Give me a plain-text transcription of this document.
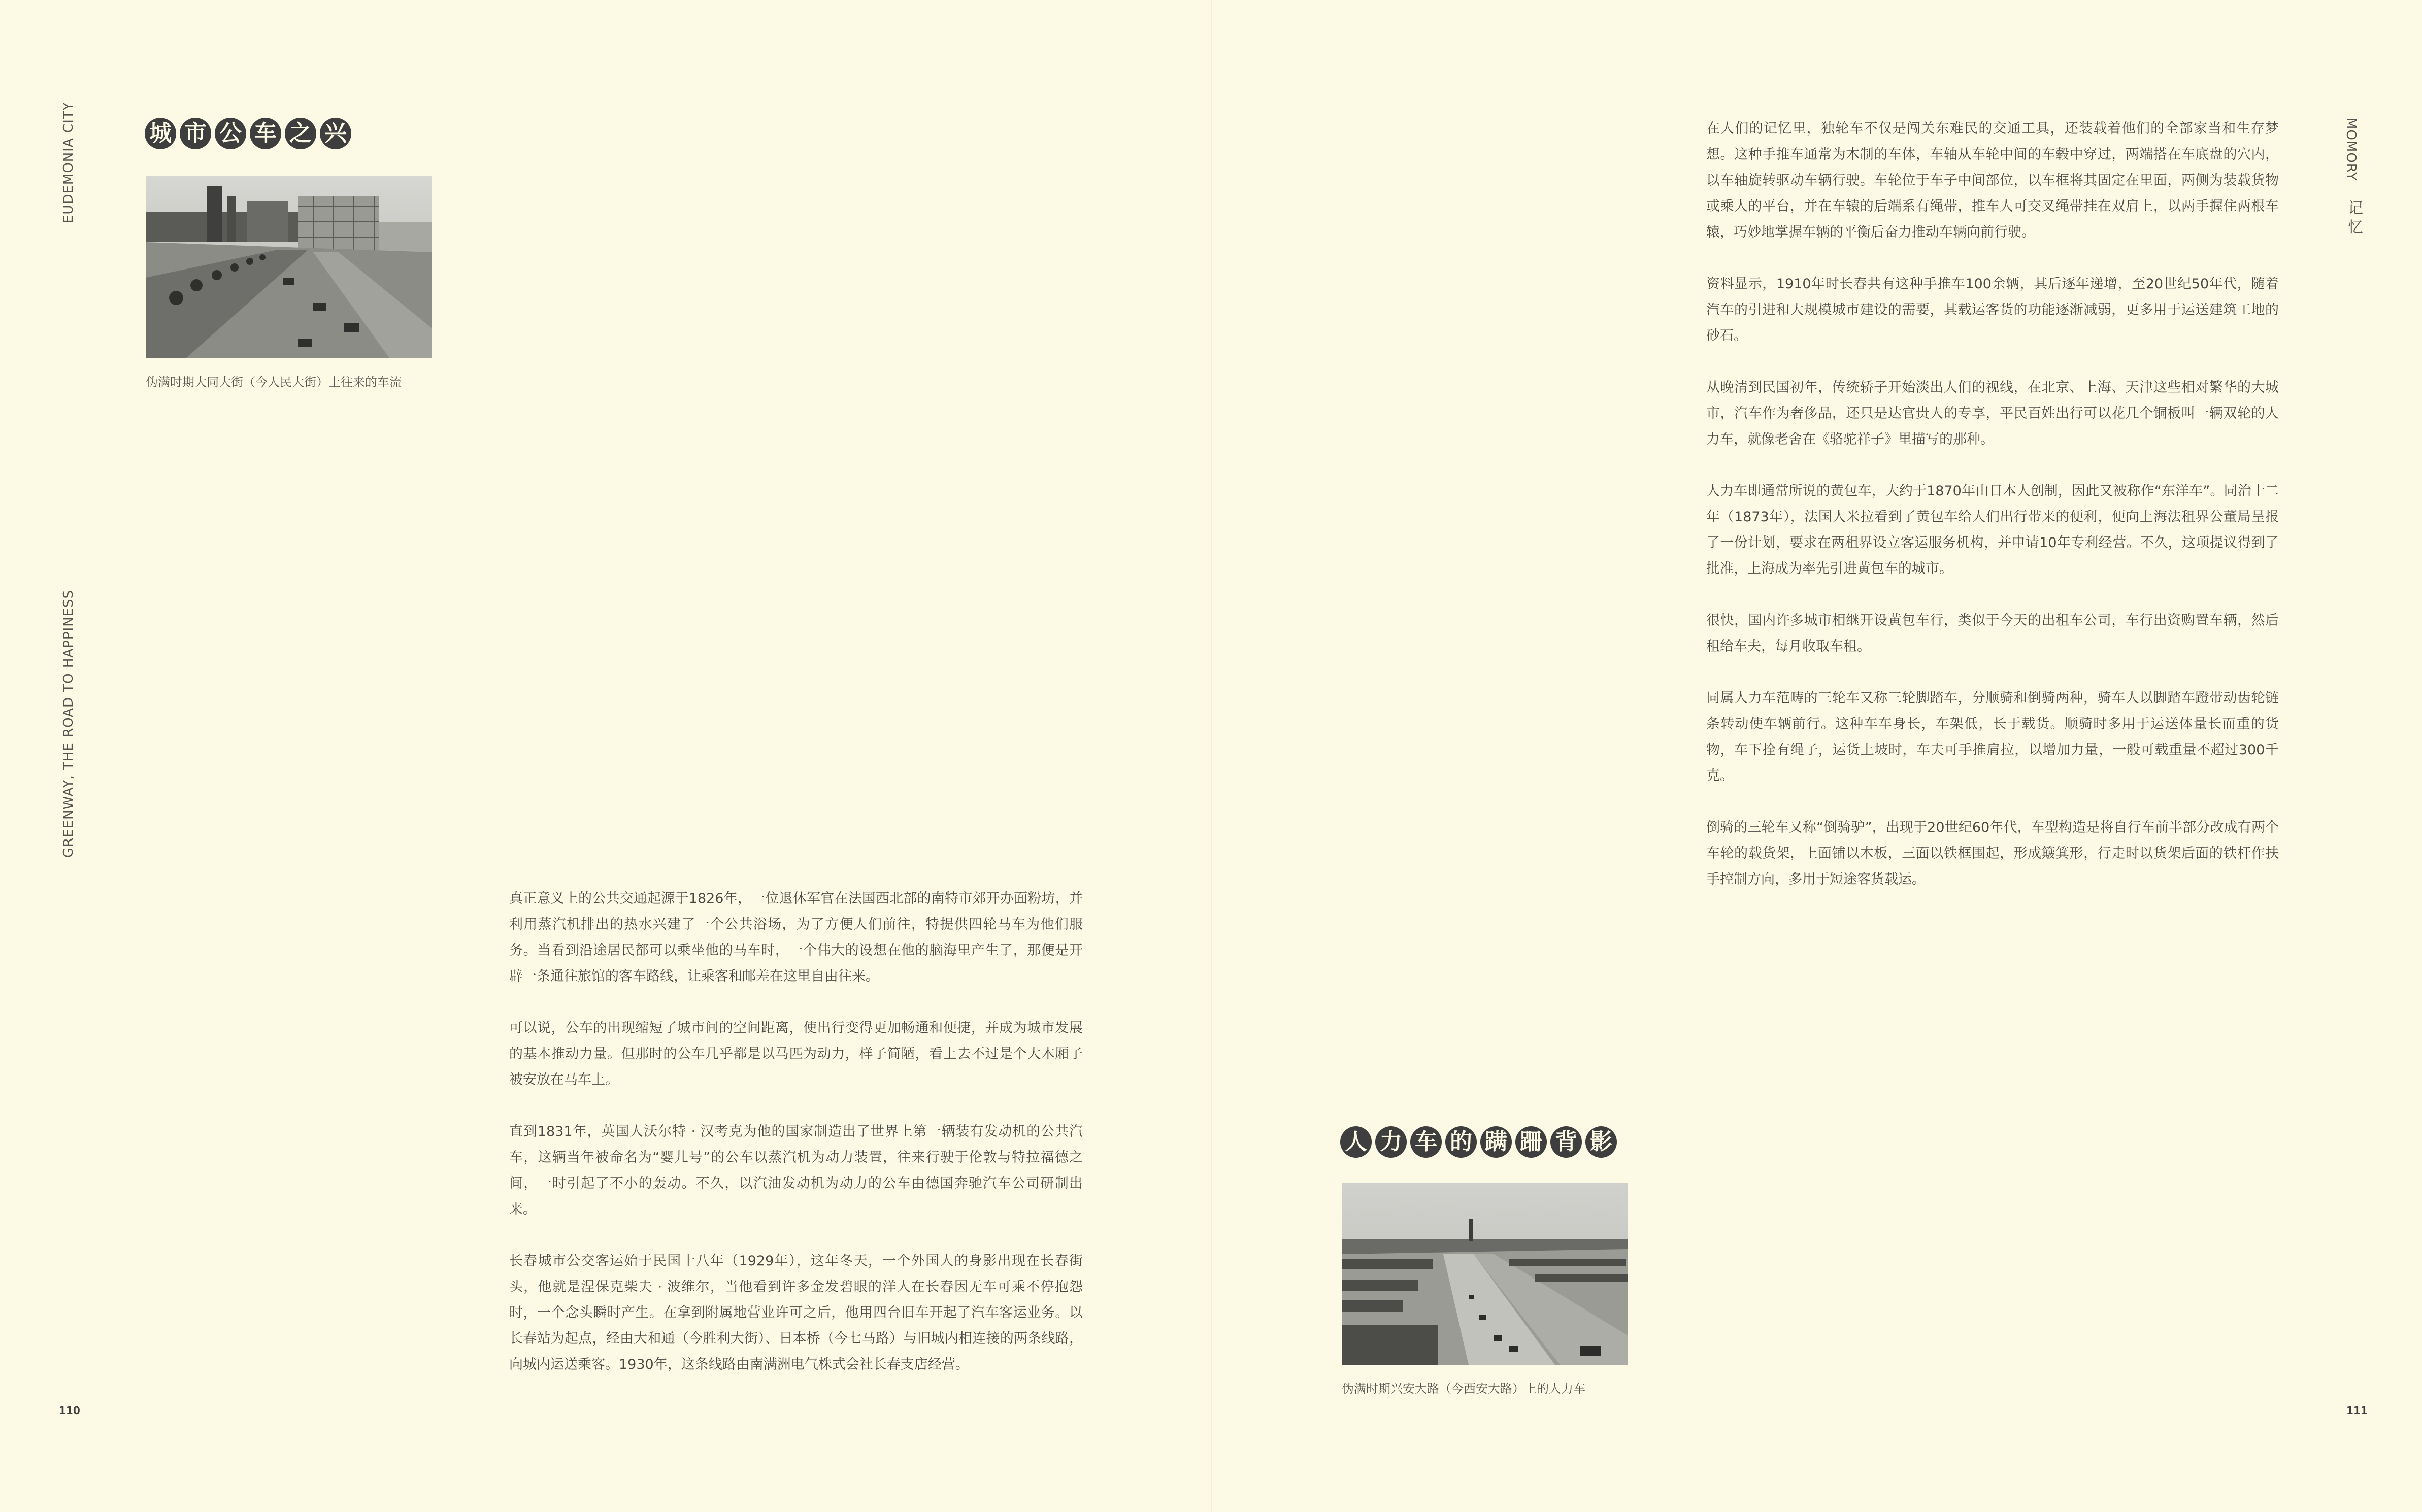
EUDEMONIA CITY
GREENWAY, THE ROAD TO HAPPINESS
城 市 公 车 之 兴
伪满时期大同大街（今人民大街）上往来的车流

真正意义上的公共交通起源于1826年，一位退休军官在法国西北部的南特市郊开办面粉坊，并利用蒸汽机排出的热水兴建了一个公共浴场，为了方便人们前往，特提供四轮马车为他们服务。当看到沿途居民都可以乘坐他的马车时，一个伟大的设想在他的脑海里产生了，那便是开辟一条通往旅馆的客车路线，让乘客和邮差在这里自由往来。

可以说，公车的出现缩短了城市间的空间距离，使出行变得更加畅通和便捷，并成为城市发展的基本推动力量。但那时的公车几乎都是以马匹为动力，样子简陋，看上去不过是个大木厢子被安放在马车上。

直到1831年，英国人沃尔特 · 汉考克为他的国家制造出了世界上第一辆装有发动机的公共汽车，这辆当年被命名为“婴儿号”的公车以蒸汽机为动力装置，往来行驶于伦敦与特拉福德之间，一时引起了不小的轰动。不久，以汽油发动机为动力的公车由德国奔驰汽车公司研制出来。

长春城市公交客运始于民国十八年（1929年），这年冬天，一个外国人的身影出现在长春街头，他就是涅保克柴夫 · 波维尔，当他看到许多金发碧眼的洋人在长春因无车可乘不停抱怨时，一个念头瞬时产生。在拿到附属地营业许可之后，他用四台旧车开起了汽车客运业务。以长春站为起点，经由大和通（今胜利大街）、日本桥（今七马路）与旧城内相连接的两条线路，向城内运送乘客。1930年，这条线路由南满洲电气株式会社长春支店经营。

110

在人们的记忆里，独轮车不仅是闯关东难民的交通工具，还装载着他们的全部家当和生存梦想。这种手推车通常为木制的车体，车轴从车轮中间的车毂中穿过，两端搭在车底盘的穴内，以车轴旋转驱动车辆行驶。车轮位于车子中间部位，以车框将其固定在里面，两侧为装载货物或乘人的平台，并在车辕的后端系有绳带，推车人可交叉绳带挂在双肩上，以两手握住两根车辕，巧妙地掌握车辆的平衡后奋力推动车辆向前行驶。

资料显示，1910年时长春共有这种手推车100余辆，其后逐年递增，至20世纪50年代，随着汽车的引进和大规模城市建设的需要，其载运客货的功能逐渐减弱，更多用于运送建筑工地的砂石。

从晚清到民国初年，传统轿子开始淡出人们的视线，在北京、上海、天津这些相对繁华的大城市，汽车作为奢侈品，还只是达官贵人的专享，平民百姓出行可以花几个铜板叫一辆双轮的人力车，就像老舍在《骆驼祥子》里描写的那种。

人力车即通常所说的黄包车，大约于1870年由日本人创制，因此又被称作“东洋车”。同治十二年（1873年），法国人米拉看到了黄包车给人们出行带来的便利，便向上海法租界公董局呈报了一份计划，要求在两租界设立客运服务机构，并申请10年专利经营。不久，这项提议得到了批准，上海成为率先引进黄包车的城市。

很快，国内许多城市相继开设黄包车行，类似于今天的出租车公司，车行出资购置车辆，然后租给车夫，每月收取车租。

同属人力车范畴的三轮车又称三轮脚踏车，分顺骑和倒骑两种，骑车人以脚踏车蹬带动齿轮链条转动使车辆前行。这种车车身长，车架低，长于载货。顺骑时多用于运送体量长而重的货物，车下拴有绳子，运货上坡时，车夫可手推肩拉，以增加力量，一般可载重量不超过300千克。

倒骑的三轮车又称“倒骑驴”，出现于20世纪60年代，车型构造是将自行车前半部分改成有两个车轮的载货架，上面铺以木板，三面以铁框围起，形成簸箕形，行走时以货架后面的铁杆作扶手控制方向，多用于短途客货载运。

MOMORY
记忆
人 力 车 的 蹒 跚 背 影
伪满时期兴安大路（今西安大路）上的人力车
111
